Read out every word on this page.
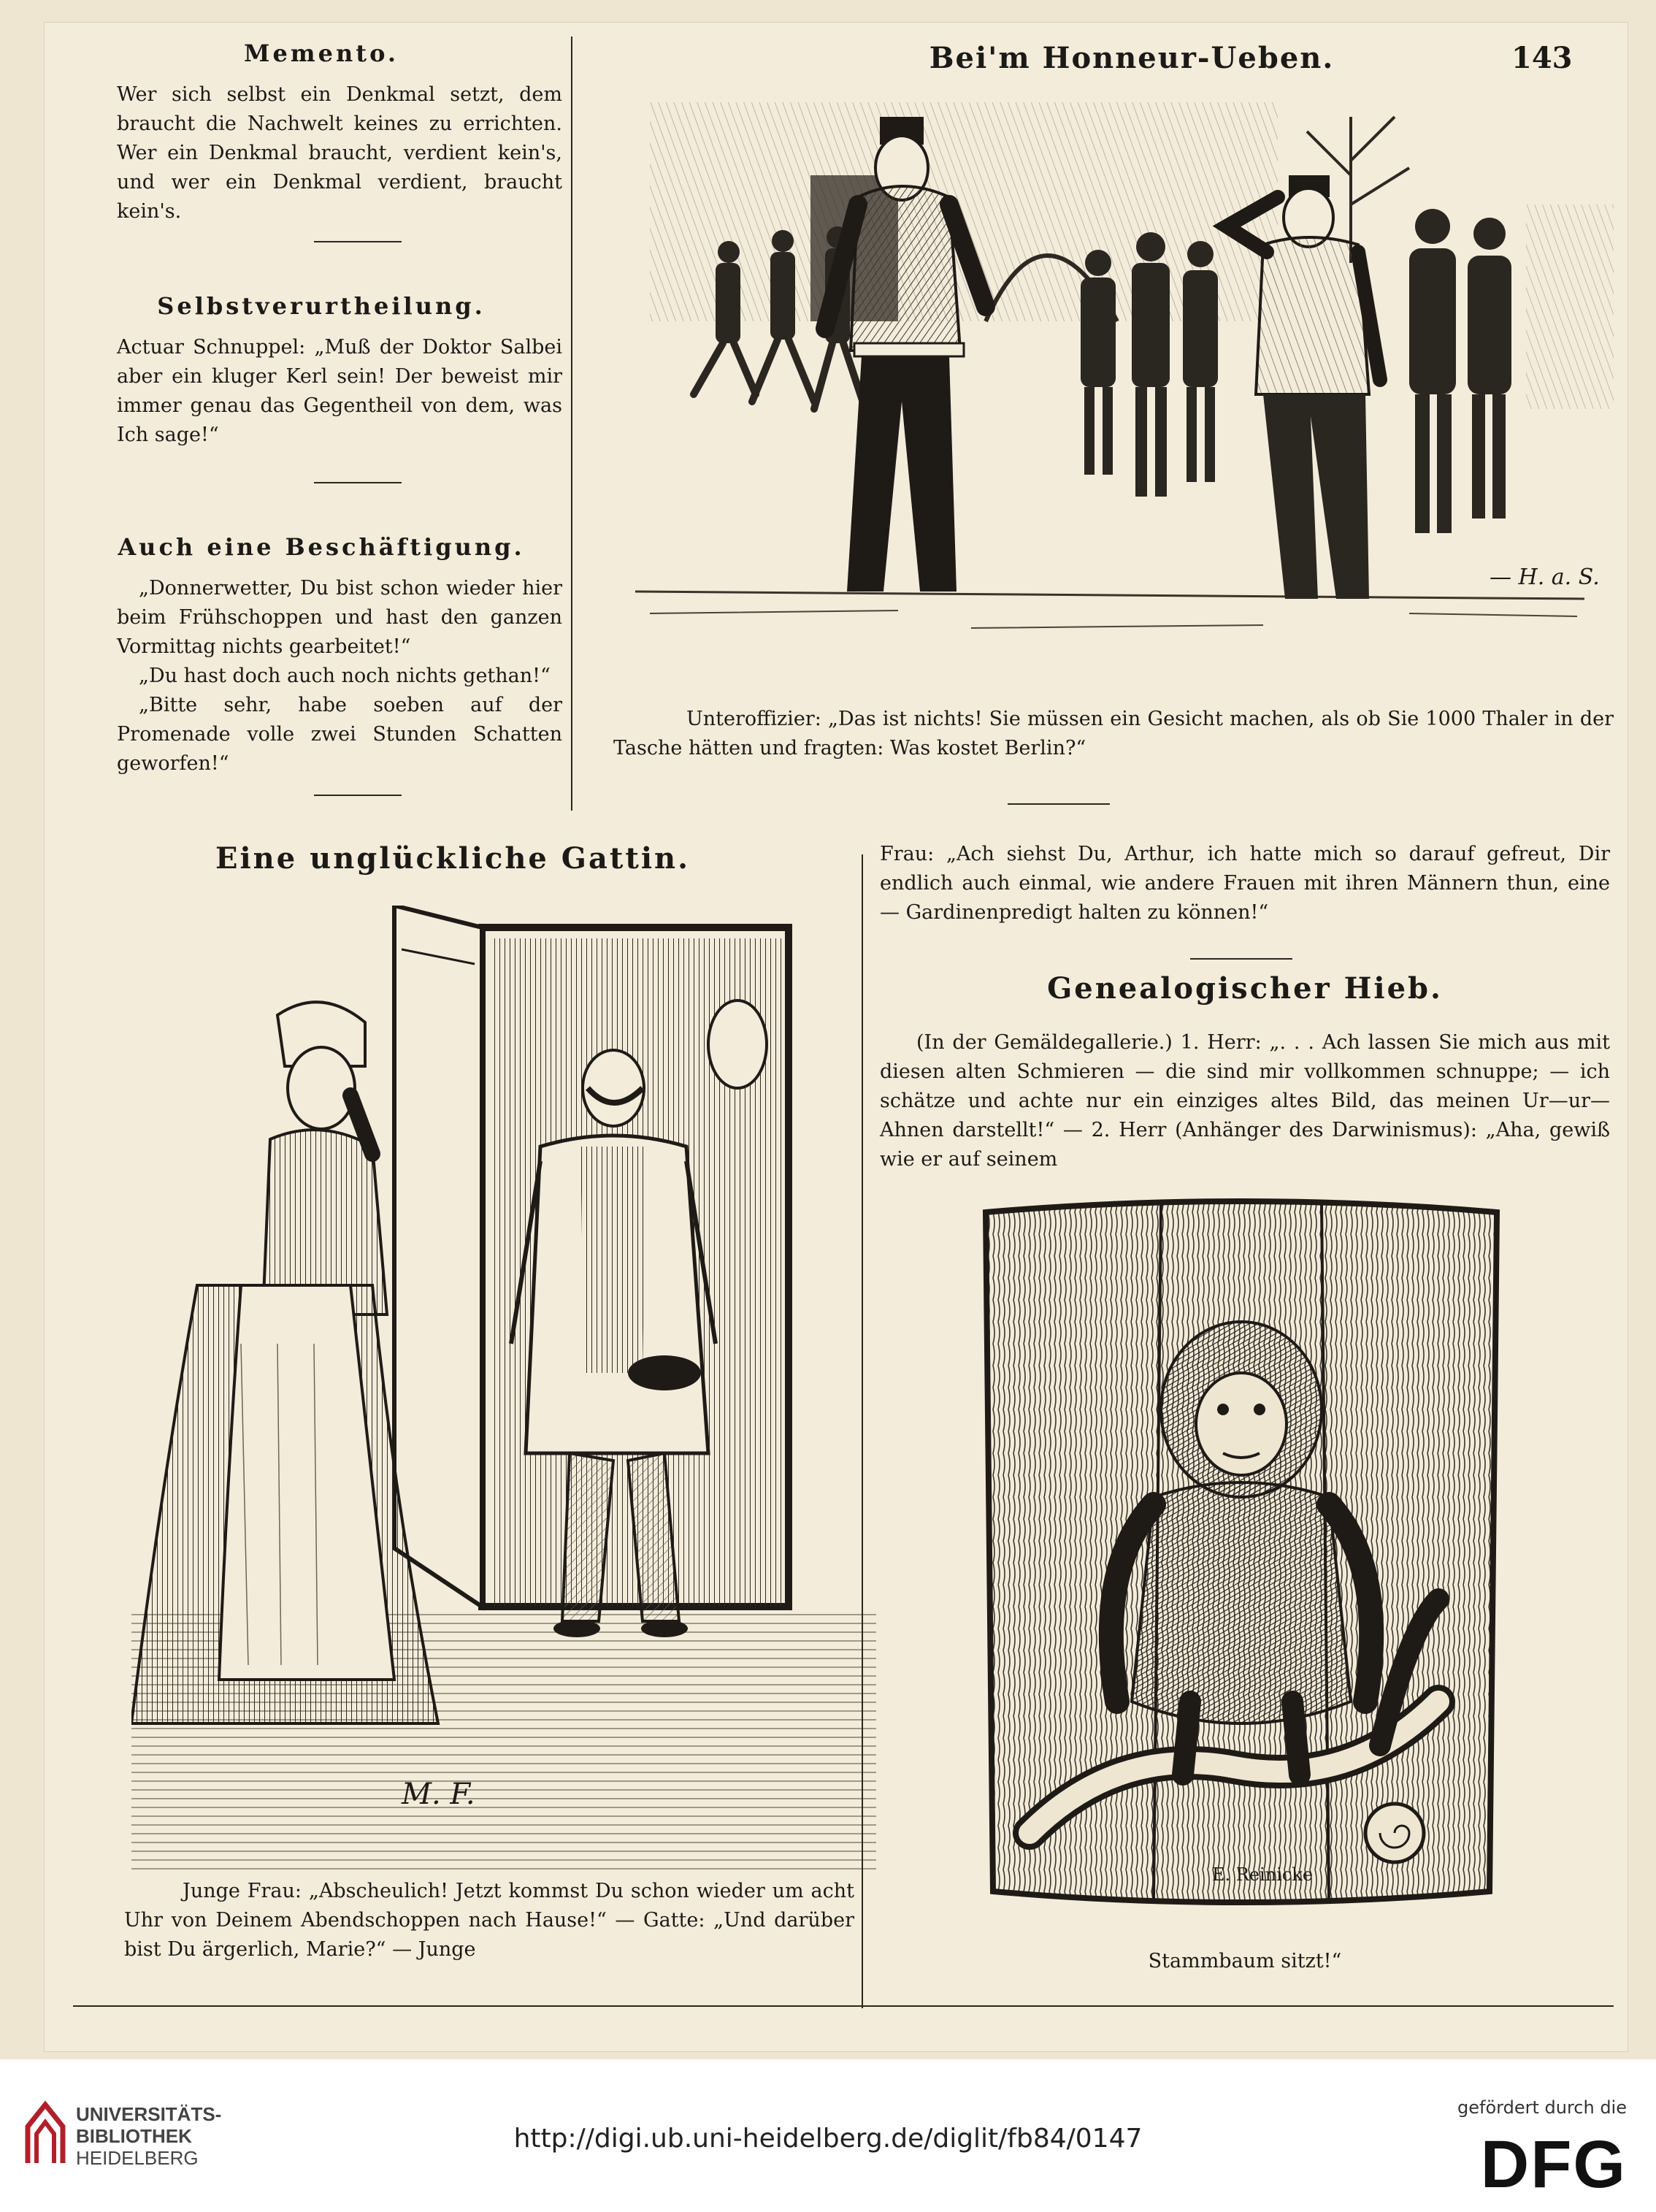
143
Memento.

Wer sich selbst ein Denkmal setzt, dem braucht die Nachwelt keines zu errichten. Wer ein Denkmal braucht, verdient kein's, und wer ein Denkmal verdient, braucht kein's.

Selbstverurtheilung.

Actuar Schnuppel: „Muß der Doktor Salbei aber ein kluger Kerl sein! Der beweist mir immer genau das Gegentheil von dem, was Ich sage!“

Auch eine Beschäftigung.

„Donnerwetter, Du bist schon wieder hier beim Frühschoppen und hast den ganzen Vormittag nichts gearbeitet!“

„Du hast doch auch noch nichts gethan!“

„Bitte sehr, habe soeben auf der Promenade volle zwei Stunden Schatten geworfen!“

Bei'm Honneur-Ueben.
— H. a. S.
Unteroffizier: „Das ist nichts! Sie müssen ein Gesicht machen, als ob Sie 1000 Thaler in der Tasche hätten und fragten: Was kostet Berlin?“
Eine unglückliche Gattin.
M. F.
Junge Frau: „Abscheulich! Jetzt kommst Du schon wieder um acht Uhr von Deinem Abendschoppen nach Hause!“ — Gatte: „Und darüber bist Du ärgerlich, Marie?“ — Junge
Frau: „Ach siehst Du, Arthur, ich hatte mich so darauf gefreut, Dir endlich auch einmal, wie andere Frauen mit ihren Männern thun, eine — Gardinenpredigt halten zu können!“
Genealogischer Hieb.
(In der Gemäldegallerie.) 1. Herr: „. . . Ach lassen Sie mich aus mit diesen alten Schmieren — die sind mir vollkommen schnuppe; — ich schätze und achte nur ein einziges altes Bild, das meinen Ur—ur—Ahnen darstellt!“ — 2. Herr (Anhänger des Darwinismus): „Aha, gewiß wie er auf seinem
E. Reinicke
Stammbaum sitzt!“
UNIVERSITÄTS-
BIBLIOTHEK
HEIDELBERG
http://digi.ub.uni-heidelberg.de/diglit/fb84/0147
gefördert durch die
DFG
